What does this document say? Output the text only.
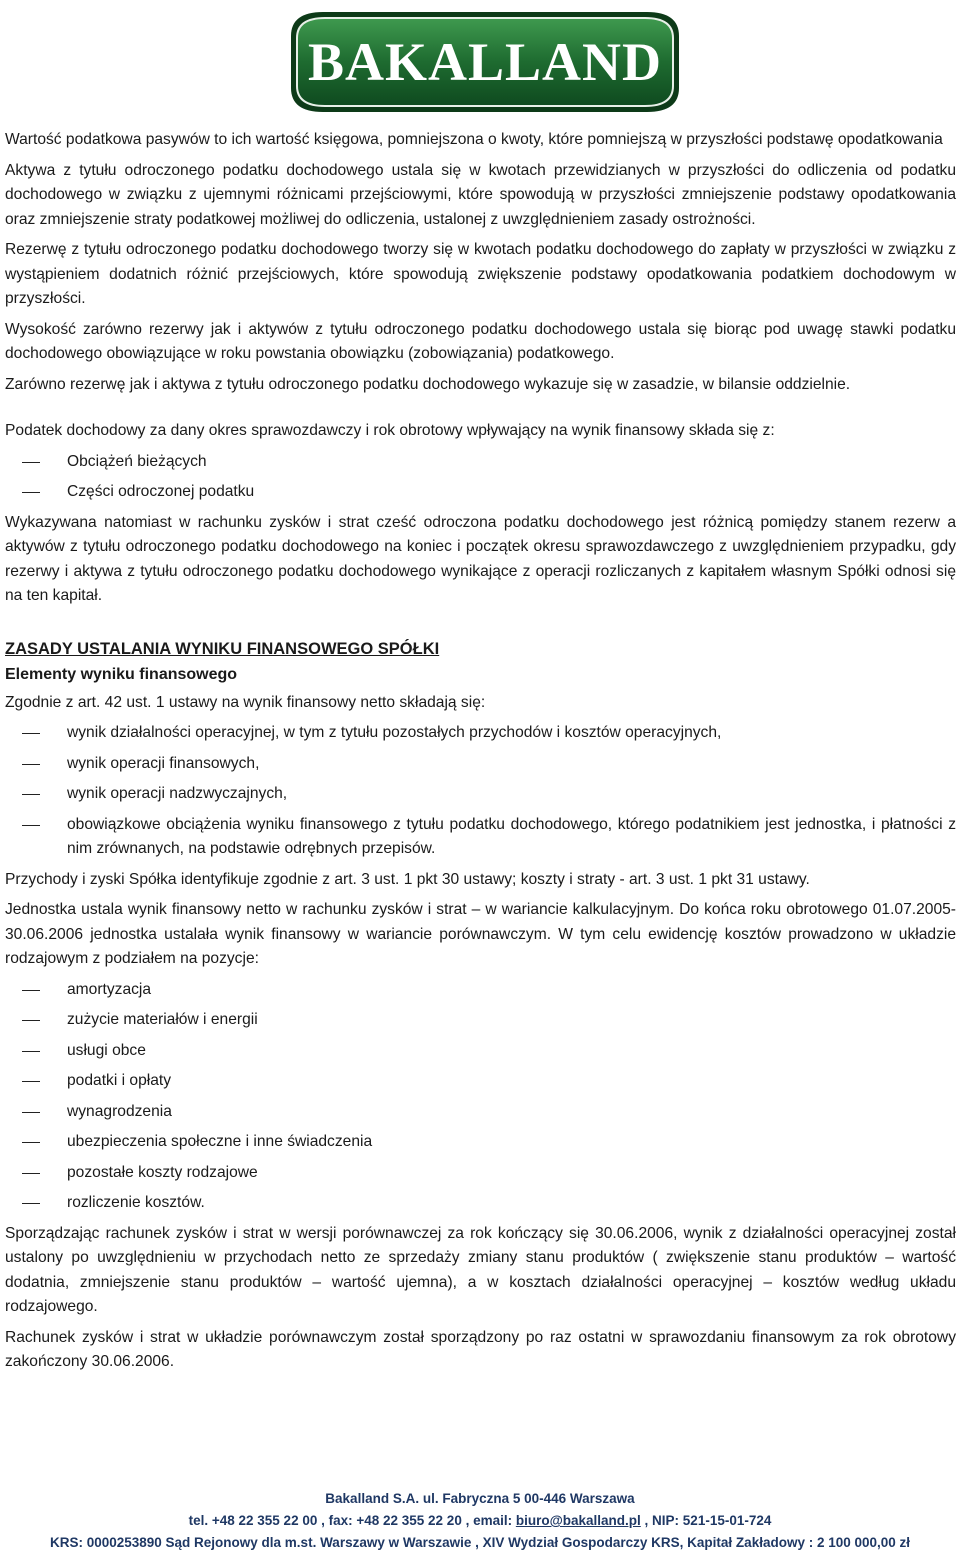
BAKALLAND

Wartość podatkowa pasywów to ich wartość księgowa, pomniejszona o kwoty, które pomniejszą w przyszłości podstawę opodatkowania

Aktywa z tytułu odroczonego podatku dochodowego ustala się w kwotach przewidzianych w przyszłości do odliczenia od podatku dochodowego w związku z ujemnymi różnicami przejściowymi, które spowodują w przyszłości zmniejszenie podstawy opodatkowania oraz zmniejszenie straty podatkowej możliwej do odliczenia, ustalonej z uwzględnieniem zasady ostrożności.

Rezerwę z tytułu odroczonego podatku dochodowego tworzy się w kwotach podatku dochodowego do zapłaty w przyszłości w związku z wystąpieniem dodatnich różnić przejściowych, które spowodują zwiększenie podstawy opodatkowania podatkiem dochodowym w przyszłości.

Wysokość zarówno rezerwy jak i aktywów z tytułu odroczonego podatku dochodowego ustala się biorąc pod uwagę stawki podatku dochodowego obowiązujące w roku powstania obowiązku (zobowiązania) podatkowego.

Zarówno rezerwę jak i aktywa z tytułu odroczonego podatku dochodowego wykazuje się w zasadzie, w bilansie oddzielnie.

Podatek dochodowy za dany okres sprawozdawczy i rok obrotowy wpływający na wynik finansowy składa się z:

Obciążeń bieżących
Części odroczonej podatku

Wykazywana natomiast w rachunku zysków i strat cześć odroczona podatku dochodowego jest różnicą pomiędzy stanem rezerw a aktywów z tytułu odroczonego podatku dochodowego na koniec i początek okresu sprawozdawczego z uwzględnieniem przypadku, gdy rezerwy i aktywa z tytułu odroczonego podatku dochodowego wynikające z operacji rozliczanych z kapitałem własnym Spółki odnosi się na ten kapitał.

ZASADY USTALANIA WYNIKU FINANSOWEGO SPÓŁKI
Elementy wyniku finansowego

Zgodnie z art. 42 ust. 1 ustawy na wynik finansowy netto składają się:

wynik działalności operacyjnej, w tym z tytułu pozostałych przychodów i kosztów operacyjnych,
wynik operacji finansowych,
wynik operacji nadzwyczajnych,
obowiązkowe obciążenia wyniku finansowego z tytułu podatku dochodowego, którego podatnikiem jest jednostka, i płatności z nim zrównanych, na podstawie odrębnych przepisów.

Przychody i zyski Spółka identyfikuje zgodnie z art. 3 ust. 1 pkt 30 ustawy; koszty i straty - art. 3 ust. 1 pkt 31 ustawy.

Jednostka ustala wynik finansowy netto w rachunku zysków i strat – w wariancie kalkulacyjnym. Do końca roku obrotowego 01.07.2005-30.06.2006 jednostka ustalała wynik finansowy w wariancie porównawczym. W tym celu ewidencję kosztów prowadzono w układzie rodzajowym z podziałem na pozycje:

amortyzacja
zużycie materiałów i energii
usługi obce
podatki i opłaty
wynagrodzenia
ubezpieczenia społeczne i inne świadczenia
pozostałe koszty rodzajowe
rozliczenie kosztów.

Sporządzając rachunek zysków i strat w wersji porównawczej za rok kończący się 30.06.2006, wynik z działalności operacyjnej został ustalony po uwzględnieniu w przychodach netto ze sprzedaży zmiany stanu produktów ( zwiększenie stanu produktów – wartość dodatnia, zmniejszenie stanu produktów – wartość ujemna), a w kosztach działalności operacyjnej – kosztów według układu rodzajowego.

Rachunek zysków i strat w układzie porównawczym został sporządzony po raz ostatni w sprawozdaniu finansowym za rok obrotowy zakończony 30.06.2006.

Bakalland S.A. ul. Fabryczna 5 00-446 Warszawa
tel. +48 22 355 22 00 , fax: +48 22 355 22 20 , email: biuro@bakalland.pl , NIP: 521-15-01-724
KRS: 0000253890 Sąd Rejonowy dla m.st. Warszawy w Warszawie , XIV Wydział Gospodarczy KRS, Kapitał Zakładowy : 2 100 000,00 zł
